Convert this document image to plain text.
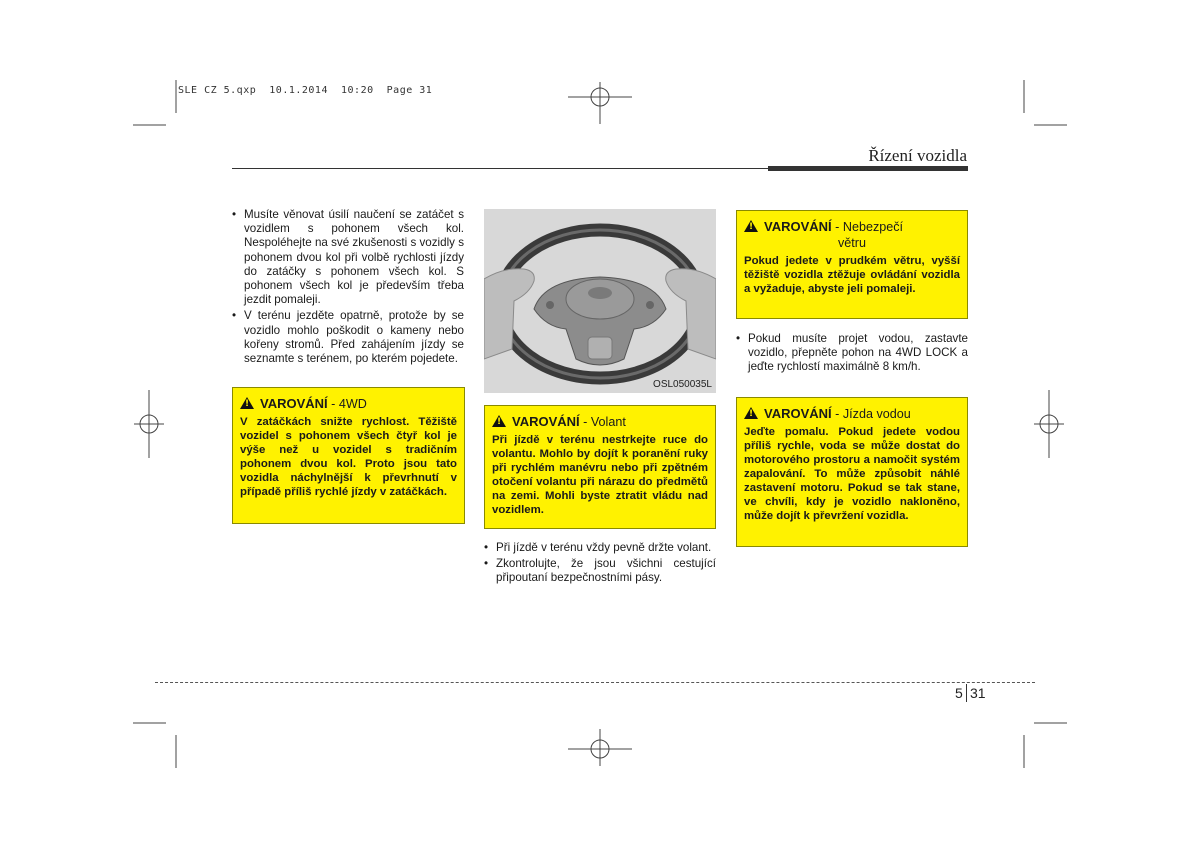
SLE CZ 5.qxp  10.1.2014  10:20  Page 31
Řízení vozidla
• Musíte věnovat úsilí naučení se zatáčet s vozidlem s pohonem všech kol. Nespoléhejte na své zkušenosti s vozidly s pohonem dvou kol při volbě rychlosti jízdy do zatáčky s pohonem všech kol. S pohonem všech kol je především třeba jezdit pomaleji.
• V terénu jezděte opatrně, protože by se vozidlo mohlo poškodit o kameny nebo kořeny stromů. Před zahájením jízdy se seznamte s terénem, po kterém pojedete.
!VAROVÁNÍ - 4WD
V zatáčkách snižte rychlost. Těžiště vozidel s pohonem všech čtyř kol je výše než u vozidel s tradičním pohonem dvou kol. Proto jsou tato vozidla náchylnější k převrhnutí v případě příliš rychlé jízdy v zatáčkách.
OSL050035L
!VAROVÁNÍ - Volant
Při jízdě v terénu nestrkejte ruce do volantu. Mohlo by dojít k poranění ruky při rychlém manévru nebo při zpětném otočení volantu při nárazu do předmětů na zemi. Mohli byste ztratit vládu nad vozidlem.
• Při jízdě v terénu vždy pevně držte volant.
• Zkontrolujte, že jsou všichni cestující připoutaní bezpečnostními pásy.
!VAROVÁNÍ - Nebezpečí
větru
Pokud jedete v prudkém větru, vyšší těžiště vozidla ztěžuje ovládání vozidla a vyžaduje, abyste jeli pomaleji.
• Pokud musíte projet vodou, zastavte vozidlo, přepněte pohon na 4WD LOCK a jeďte rychlostí maximálně 8 km/h.
!VAROVÁNÍ - Jízda vodou
Jeďte pomalu. Pokud jedete vodou příliš rychle, voda se může dostat do motorového prostoru a namočit systém zapalování. To může způsobit náhlé zastavení motoru. Pokud se tak stane, ve chvíli, kdy je vozidlo nakloněno, může dojít k převržení vozidla.
5 31
